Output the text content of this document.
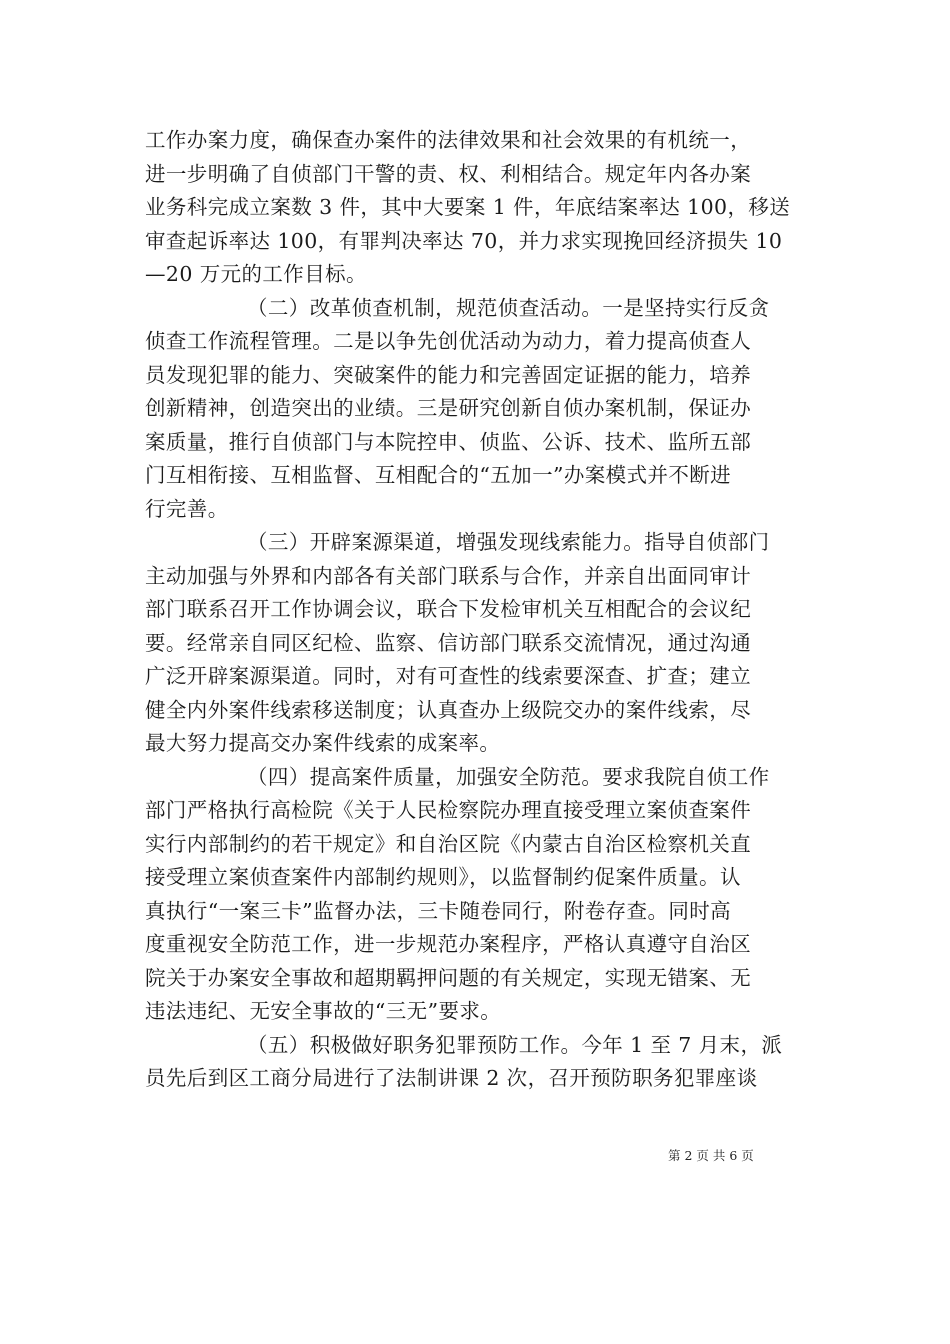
工作办案力度，确保查办案件的法律效果和社会效果的有机统一，
进一步明确了自侦部门干警的责、权、利相结合。规定年内各办案
业务科完成立案数 3 件，其中大要案 1 件，年底结案率达 100，移送
审查起诉率达 100，有罪判决率达 70，并力求实现挽回经济损失 10
—20 万元的工作目标。
（二）改革侦查机制，规范侦查活动。一是坚持实行反贪
侦查工作流程管理。二是以争先创优活动为动力，着力提高侦查人
员发现犯罪的能力、突破案件的能力和完善固定证据的能力，培养
创新精神，创造突出的业绩。三是研究创新自侦办案机制，保证办
案质量，推行自侦部门与本院控申、侦监、公诉、技术、监所五部
门互相衔接、互相监督、互相配合的“五加一”办案模式并不断进
行完善。
（三）开辟案源渠道，增强发现线索能力。指导自侦部门
主动加强与外界和内部各有关部门联系与合作，并亲自出面同审计
部门联系召开工作协调会议，联合下发检审机关互相配合的会议纪
要。经常亲自同区纪检、监察、信访部门联系交流情况，通过沟通
广泛开辟案源渠道。同时，对有可查性的线索要深查、扩查；建立
健全内外案件线索移送制度；认真查办上级院交办的案件线索，尽
最大努力提高交办案件线索的成案率。
（四）提高案件质量，加强安全防范。要求我院自侦工作
部门严格执行高检院《关于人民检察院办理直接受理立案侦查案件
实行内部制约的若干规定》和自治区院《内蒙古自治区检察机关直
接受理立案侦查案件内部制约规则》，以监督制约促案件质量。认
真执行“一案三卡”监督办法，三卡随卷同行，附卷存查。同时高
度重视安全防范工作，进一步规范办案程序，严格认真遵守自治区
院关于办案安全事故和超期羁押问题的有关规定，实现无错案、无
违法违纪、无安全事故的“三无”要求。
（五）积极做好职务犯罪预防工作。今年 1 至 7 月末，派
员先后到区工商分局进行了法制讲课 2 次，召开预防职务犯罪座谈
第 2 页 共 6 页
